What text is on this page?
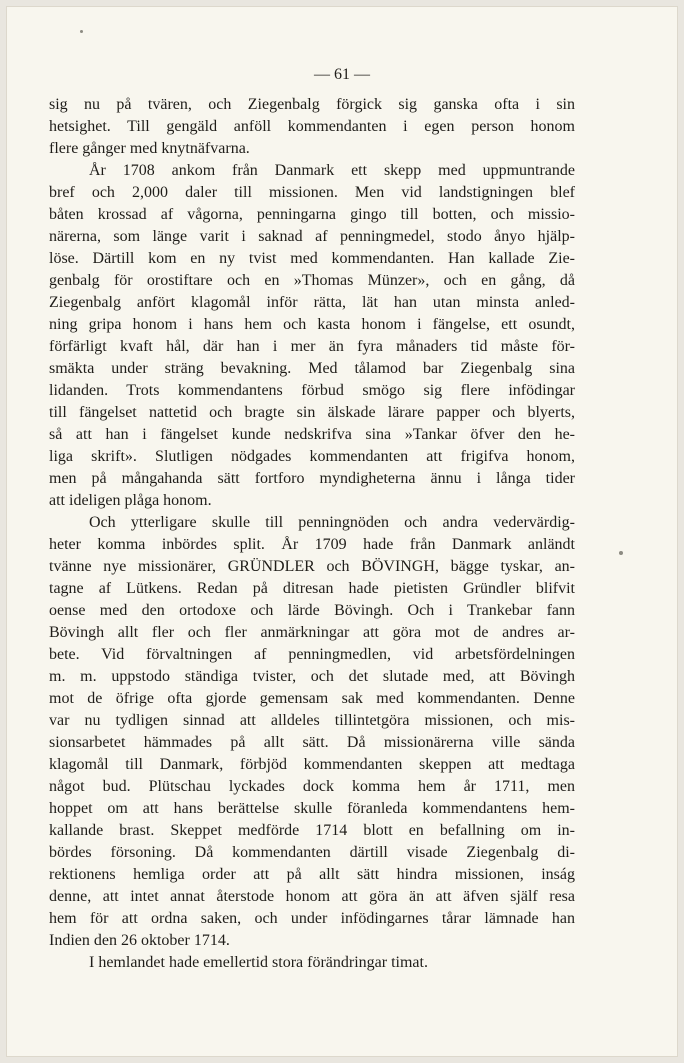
— 61 —
sig nu på tvären, och Ziegenbalg förgick sig ganska ofta i sin
hetsighet. Till gengäld anföll kommendanten i egen person honom
flere gånger med knytnäfvarna.
År 1708 ankom från Danmark ett skepp med uppmuntrande
bref och 2,000 daler till missionen. Men vid landstigningen blef
båten krossad af vågorna, penningarna gingo till botten, och missio-
närerna, som länge varit i saknad af penningmedel, stodo ånyo hjälp-
löse. Därtill kom en ny tvist med kommendanten. Han kallade Zie-
genbalg för orostiftare och en »Thomas Münzer», och en gång, då
Ziegenbalg anfört klagomål inför rätta, lät han utan minsta anled-
ning gripa honom i hans hem och kasta honom i fängelse, ett osundt,
förfärligt kvaft hål, där han i mer än fyra månaders tid måste för-
smäkta under sträng bevakning. Med tålamod bar Ziegenbalg sina
lidanden. Trots kommendantens förbud smögo sig flere infödingar
till fängelset nattetid och bragte sin älskade lärare papper och blyerts,
så att han i fängelset kunde nedskrifva sina »Tankar öfver den he-
liga skrift». Slutligen nödgades kommendanten att frigifva honom,
men på mångahanda sätt fortforo myndigheterna ännu i långa tider
att ideligen plåga honom.
Och ytterligare skulle till penningnöden och andra vedervärdig-
heter komma inbördes split. År 1709 hade från Danmark anländt
tvänne nye missionärer, GRÜNDLER och BÖVINGH, bägge tyskar, an-
tagne af Lütkens. Redan på ditresan hade pietisten Gründler blifvit
oense med den ortodoxe och lärde Bövingh. Och i Trankebar fann
Bövingh allt fler och fler anmärkningar att göra mot de andres ar-
bete. Vid förvaltningen af penningmedlen, vid arbetsfördelningen
m. m. uppstodo ständiga tvister, och det slutade med, att Bövingh
mot de öfrige ofta gjorde gemensam sak med kommendanten. Denne
var nu tydligen sinnad att alldeles tillintetgöra missionen, och mis-
sionsarbetet hämmades på allt sätt. Då missionärerna ville sända
klagomål till Danmark, förbjöd kommendanten skeppen att medtaga
något bud. Plütschau lyckades dock komma hem år 1711, men
hoppet om att hans berättelse skulle föranleda kommendantens hem-
kallande brast. Skeppet medförde 1714 blott en befallning om in-
bördes försoning. Då kommendanten därtill visade Ziegenbalg di-
rektionens hemliga order att på allt sätt hindra missionen, inság
denne, att intet annat återstode honom att göra än att äfven själf resa
hem för att ordna saken, och under infödingarnes tårar lämnade han
Indien den 26 oktober 1714.
I hemlandet hade emellertid stora förändringar timat.
